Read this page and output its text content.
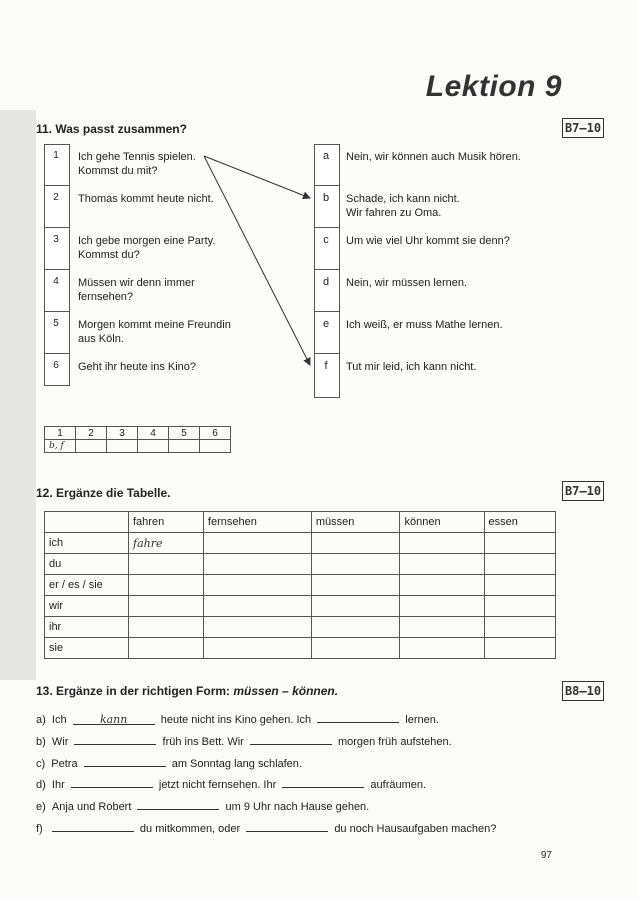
Lektion 9
11. Was passt zusammen?	B7–10
1	Ich gehe Tennis spielen.
Kommst du mit?
2	Thomas kommt heute nicht.
3	Ich gebe morgen eine Party.
Kommst du?
4	Müssen wir denn immer
fernsehen?
5	Morgen kommt meine Freundin
aus Köln.
6	Geht ihr heute ins Kino?
a	Nein, wir können auch Musik hören.
b	Schade, ich kann nicht.
Wir fahren zu Oma.
c	Um wie viel Uhr kommt sie denn?
d	Nein, wir müssen lernen.
e	Ich weiß, er muss Mathe lernen.
f	Tut mir leid, ich kann nicht.
1	2	3	4	5	6
b, f					
12. Ergänze die Tabelle.	B7–10
	fahren	fernsehen	müssen	können	essen
ich	fahre				
du					
er / es / sie					
wir					
ihr					
sie					
13. Ergänze in der richtigen Form: müssen – können.	B8–10
a) Ich	kann	heute nicht ins Kino gehen. Ich	lernen.
b) Wir	früh ins Bett. Wir	morgen früh aufstehen.
c) Petra	am Sonntag lang schlafen.
d) Ihr	jetzt nicht fernsehen. Ihr	aufräumen.
e) Anja und Robert	um 9 Uhr nach Hause gehen.
f)	du mitkommen, oder	du noch Hausaufgaben machen?
97
